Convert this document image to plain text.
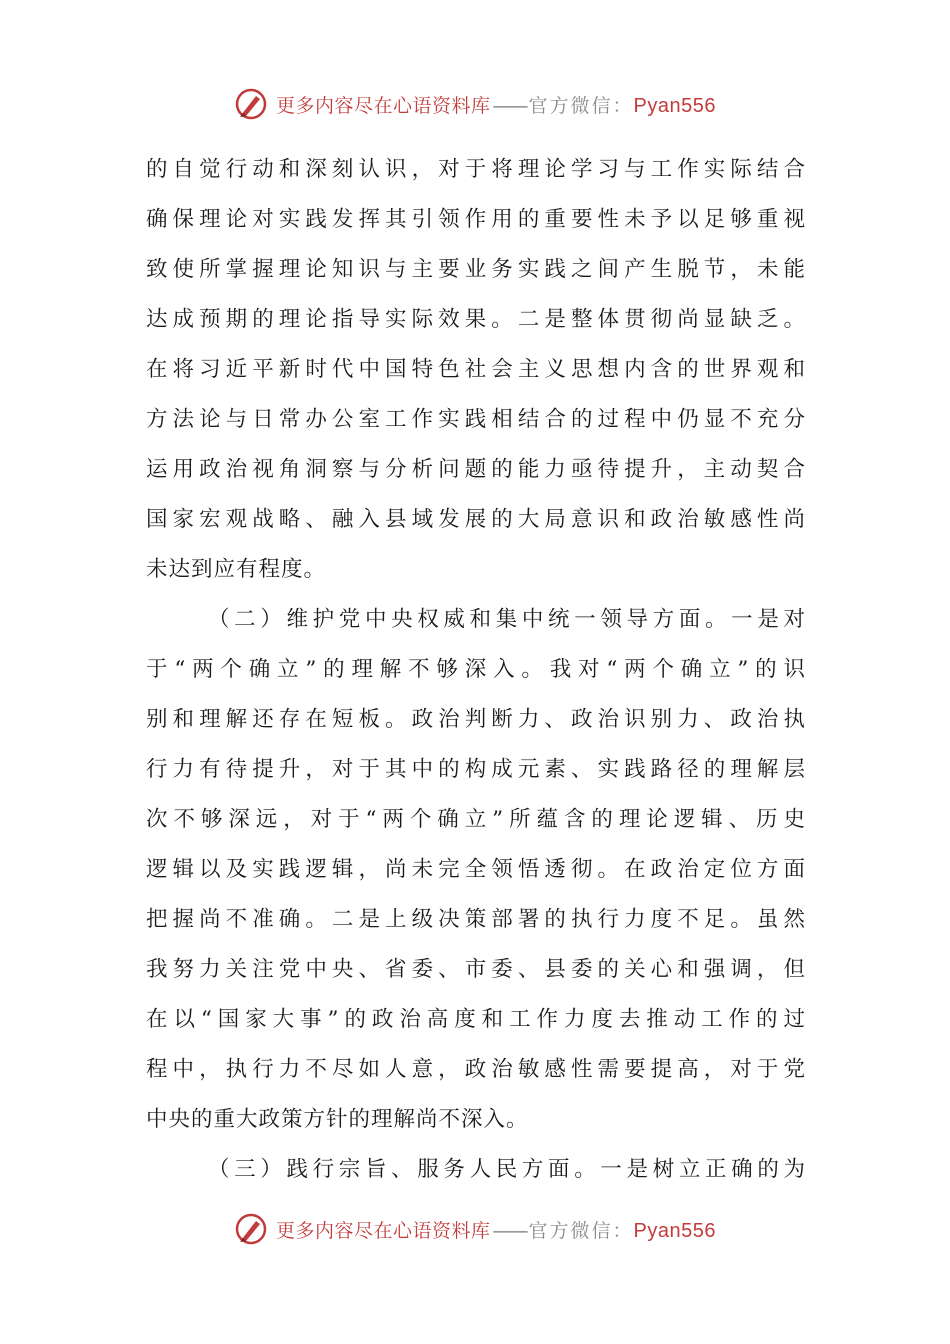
更多内容尽在心语资料库 —— 官方微信：Pyan556
的自觉行动和深刻认识，对于将理论学习与工作实际结合
确保理论对实践发挥其引领作用的重要性未予以足够重视
致使所掌握理论知识与主要业务实践之间产生脱节，未能
达成预期的理论指导实际效果。二是整体贯彻尚显缺乏。
在将习近平新时代中国特色社会主义思想内含的世界观和
方法论与日常办公室工作实践相结合的过程中仍显不充分
运用政治视角洞察与分析问题的能力亟待提升，主动契合
国家宏观战略、融入县域发展的大局意识和政治敏感性尚
未达到应有程度。
（二）维护党中央权威和集中统一领导方面。一是对
于“两个确立”的理解不够深入。我对“两个确立”的识
别和理解还存在短板。政治判断力、政治识别力、政治执
行力有待提升，对于其中的构成元素、实践路径的理解层
次不够深远，对于“两个确立”所蕴含的理论逻辑、历史
逻辑以及实践逻辑，尚未完全领悟透彻。在政治定位方面
把握尚不准确。二是上级决策部署的执行力度不足。虽然
我努力关注党中央、省委、市委、县委的关心和强调，但
在以“国家大事”的政治高度和工作力度去推动工作的过
程中，执行力不尽如人意，政治敏感性需要提高，对于党
中央的重大政策方针的理解尚不深入。
（三）践行宗旨、服务人民方面。一是树立正确的为
更多内容尽在心语资料库 —— 官方微信：Pyan556
